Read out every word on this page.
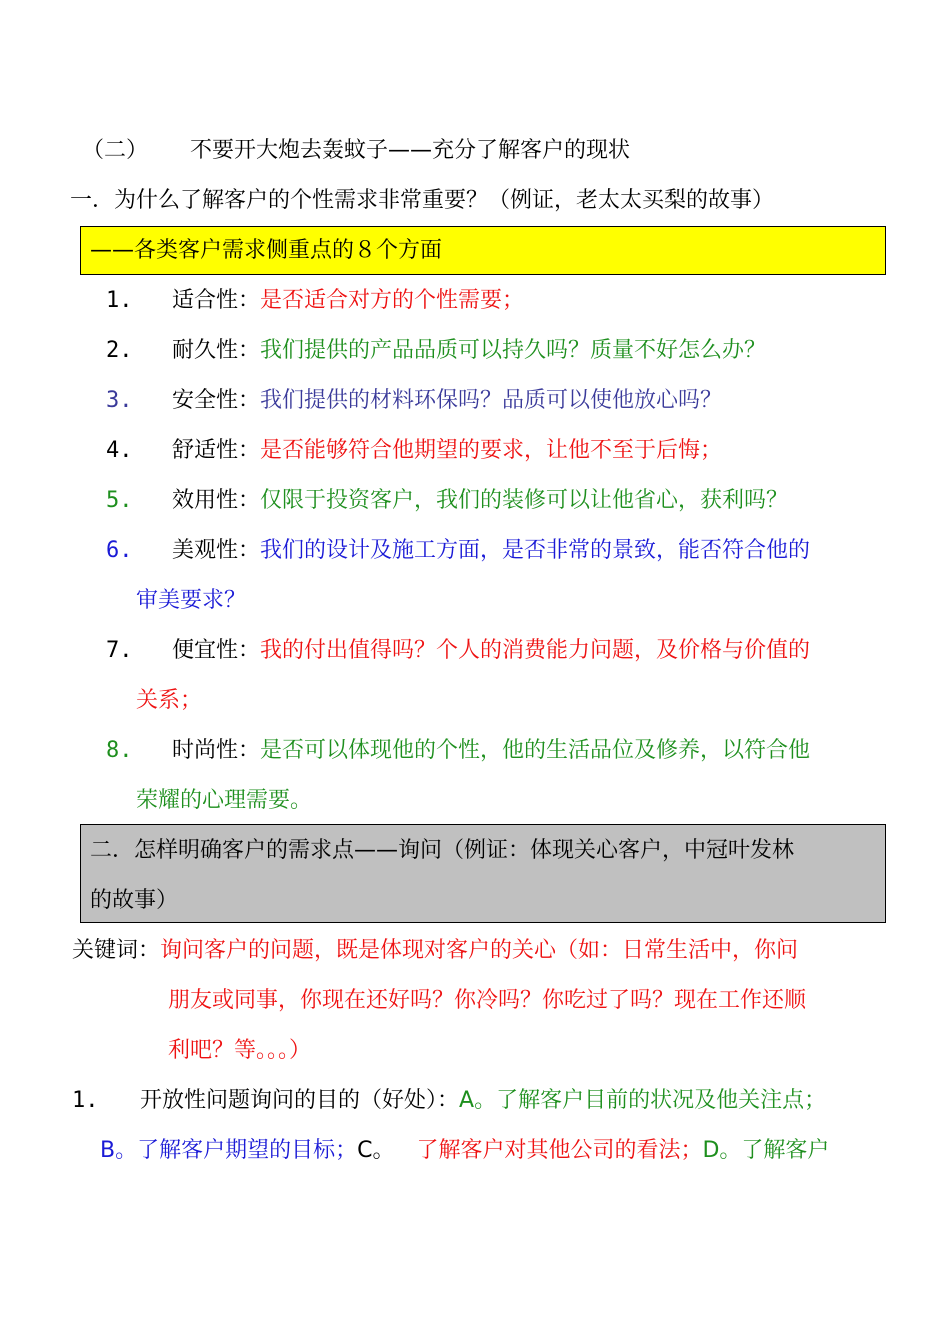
（二） 不要开大炮去轰蚊子——充分了解客户的现状
一．为什么了解客户的个性需求非常重要？（例证，老太太买梨的故事）
——各类客户需求侧重点的８个方面
1. 适合性：是否适合对方的个性需要；
2. 耐久性：我们提供的产品品质可以持久吗？质量不好怎么办？
3. 安全性：我们提供的材料环保吗？品质可以使他放心吗？
4. 舒适性：是否能够符合他期望的要求，让他不至于后悔；
5. 效用性：仅限于投资客户，我们的装修可以让他省心，获利吗？
6. 美观性：我们的设计及施工方面，是否非常的景致，能否符合他的
审美要求？
7. 便宜性：我的付出值得吗？个人的消费能力问题，及价格与价值的
关系；
8. 时尚性：是否可以体现他的个性，他的生活品位及修养，以符合他
荣耀的心理需要。
二．怎样明确客户的需求点——询问（例证：体现关心客户，中冠叶发林
的故事）
关键词：询问客户的问题，既是体现对客户的关心（如：日常生活中，你问
朋友或同事，你现在还好吗？你冷吗？你吃过了吗？现在工作还顺
利吧？等。。。）
1. 开放性问题询问的目的（好处）：A。了解客户目前的状况及他关注点；
B。了解客户期望的目标；C。 了解客户对其他公司的看法；D。了解客户
